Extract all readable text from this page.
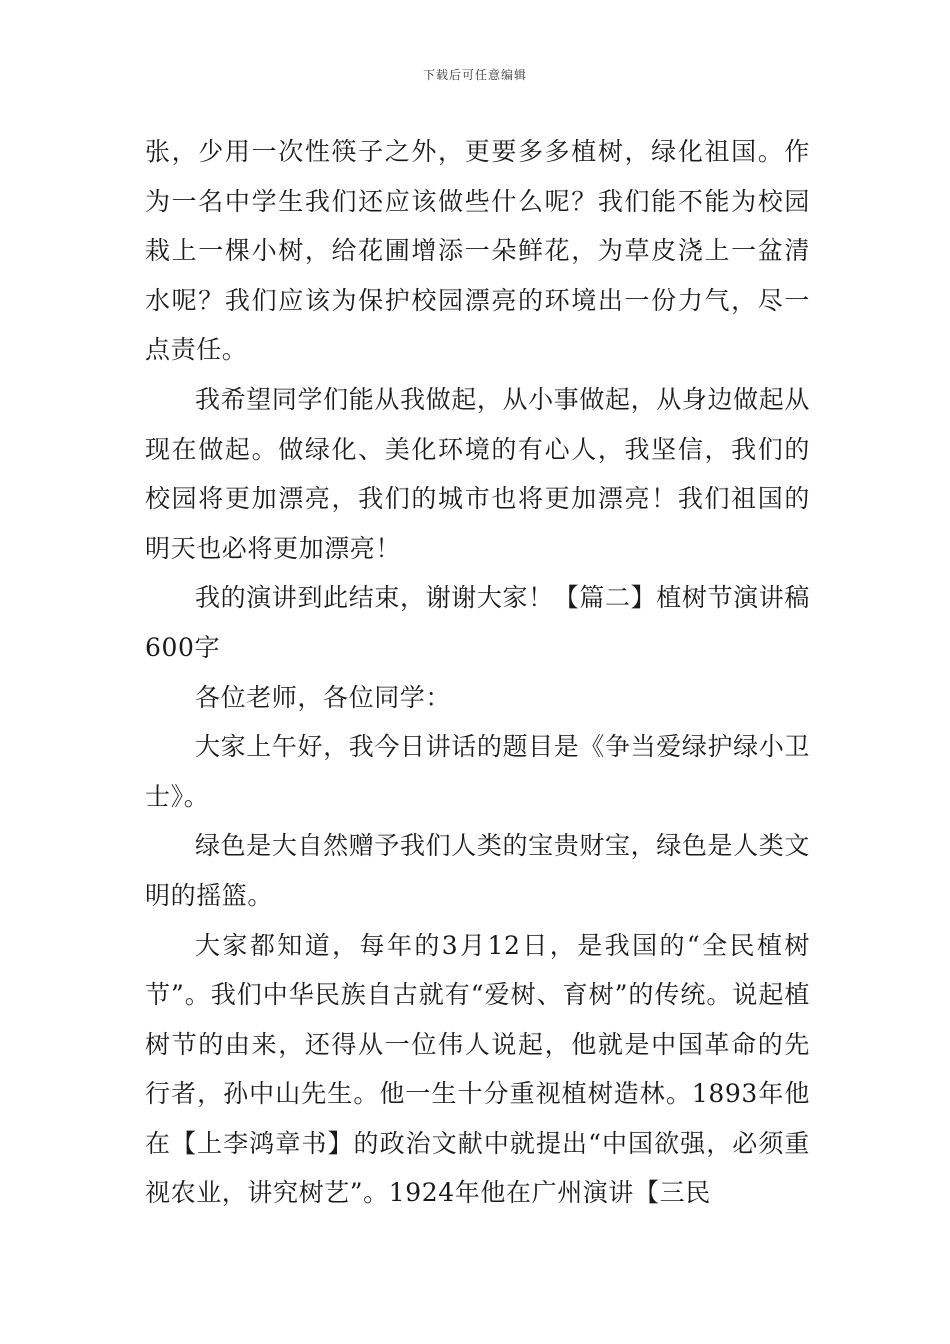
下载后可任意编辑

张，少用一次性筷子之外，更要多多植树，绿化祖国。作为一名中学生我们还应该做些什么呢？我们能不能为校园栽上一棵小树，给花圃增添一朵鲜花，为草皮浇上一盆清水呢？我们应该为保护校园漂亮的环境出一份力气，尽一点责任。

我希望同学们能从我做起，从小事做起，从身边做起从现在做起。做绿化、美化环境的有心人，我坚信，我们的校园将更加漂亮，我们的城市也将更加漂亮！我们祖国的明天也必将更加漂亮！

我的演讲到此结束，谢谢大家！【篇二】植树节演讲稿600字

各位老师，各位同学：

大家上午好，我今日讲话的题目是《争当爱绿护绿小卫士》。

绿色是大自然赠予我们人类的宝贵财宝，绿色是人类文明的摇篮。

大家都知道，每年的3月12日，是我国的“全民植树节”。我们中华民族自古就有“爱树、育树”的传统。说起植树节的由来，还得从一位伟人说起，他就是中国革命的先行者，孙中山先生。他一生十分重视植树造林。1893年他在【上李鸿章书】的政治文献中就提出“中国欲强，必须重视农业，讲究树艺”。1924年他在广州演讲【三民
